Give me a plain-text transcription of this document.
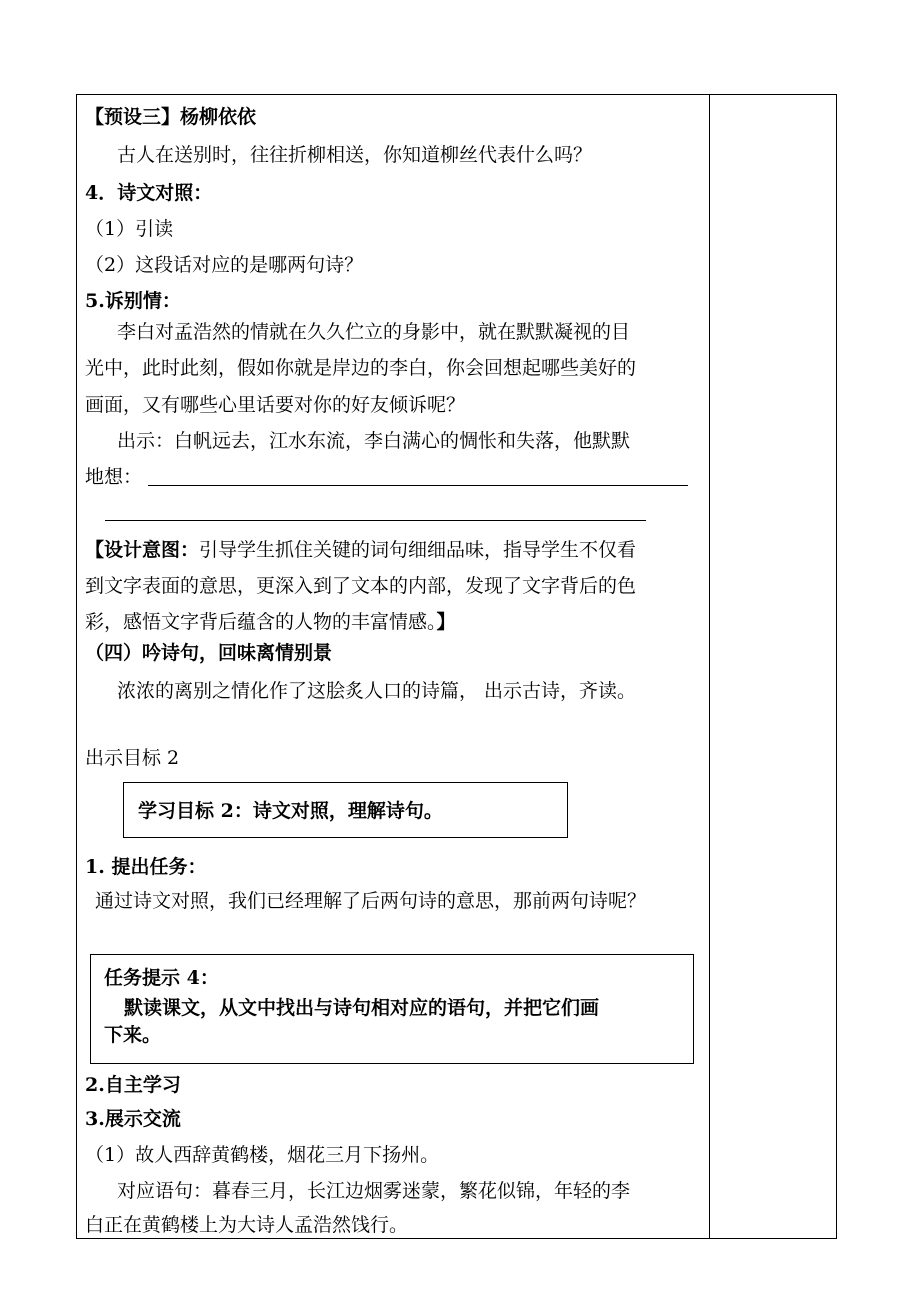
【预设三】杨柳依依
古人在送别时，往往折柳相送，你知道柳丝代表什么吗？
4．诗文对照：
（1）引读
（2）这段话对应的是哪两句诗？
5.诉别情：
李白对孟浩然的情就在久久伫立的身影中，就在默默凝视的目
光中，此时此刻，假如你就是岸边的李白，你会回想起哪些美好的
画面，又有哪些心里话要对你的好友倾诉呢？
出示：白帆远去，江水东流，李白满心的惆怅和失落，他默默
地想：
【设计意图：引导学生抓住关键的词句细细品味，指导学生不仅看
到文字表面的意思，更深入到了文本的内部，发现了文字背后的色
彩，感悟文字背后蕴含的人物的丰富情感。】
（四）吟诗句，回味离情别景
浓浓的离别之情化作了这脍炙人口的诗篇， 出示古诗，齐读。
出示目标 2
学习目标 2：诗文对照，理解诗句。
1. 提出任务：
通过诗文对照，我们已经理解了后两句诗的意思，那前两句诗呢？
任务提示 4：
默读课文，从文中找出与诗句相对应的语句，并把它们画
下来。
2.自主学习
3.展示交流
（1）故人西辞黄鹤楼，烟花三月下扬州。
对应语句：暮春三月，长江边烟雾迷蒙，繁花似锦，年轻的李
白正在黄鹤楼上为大诗人孟浩然饯行。
